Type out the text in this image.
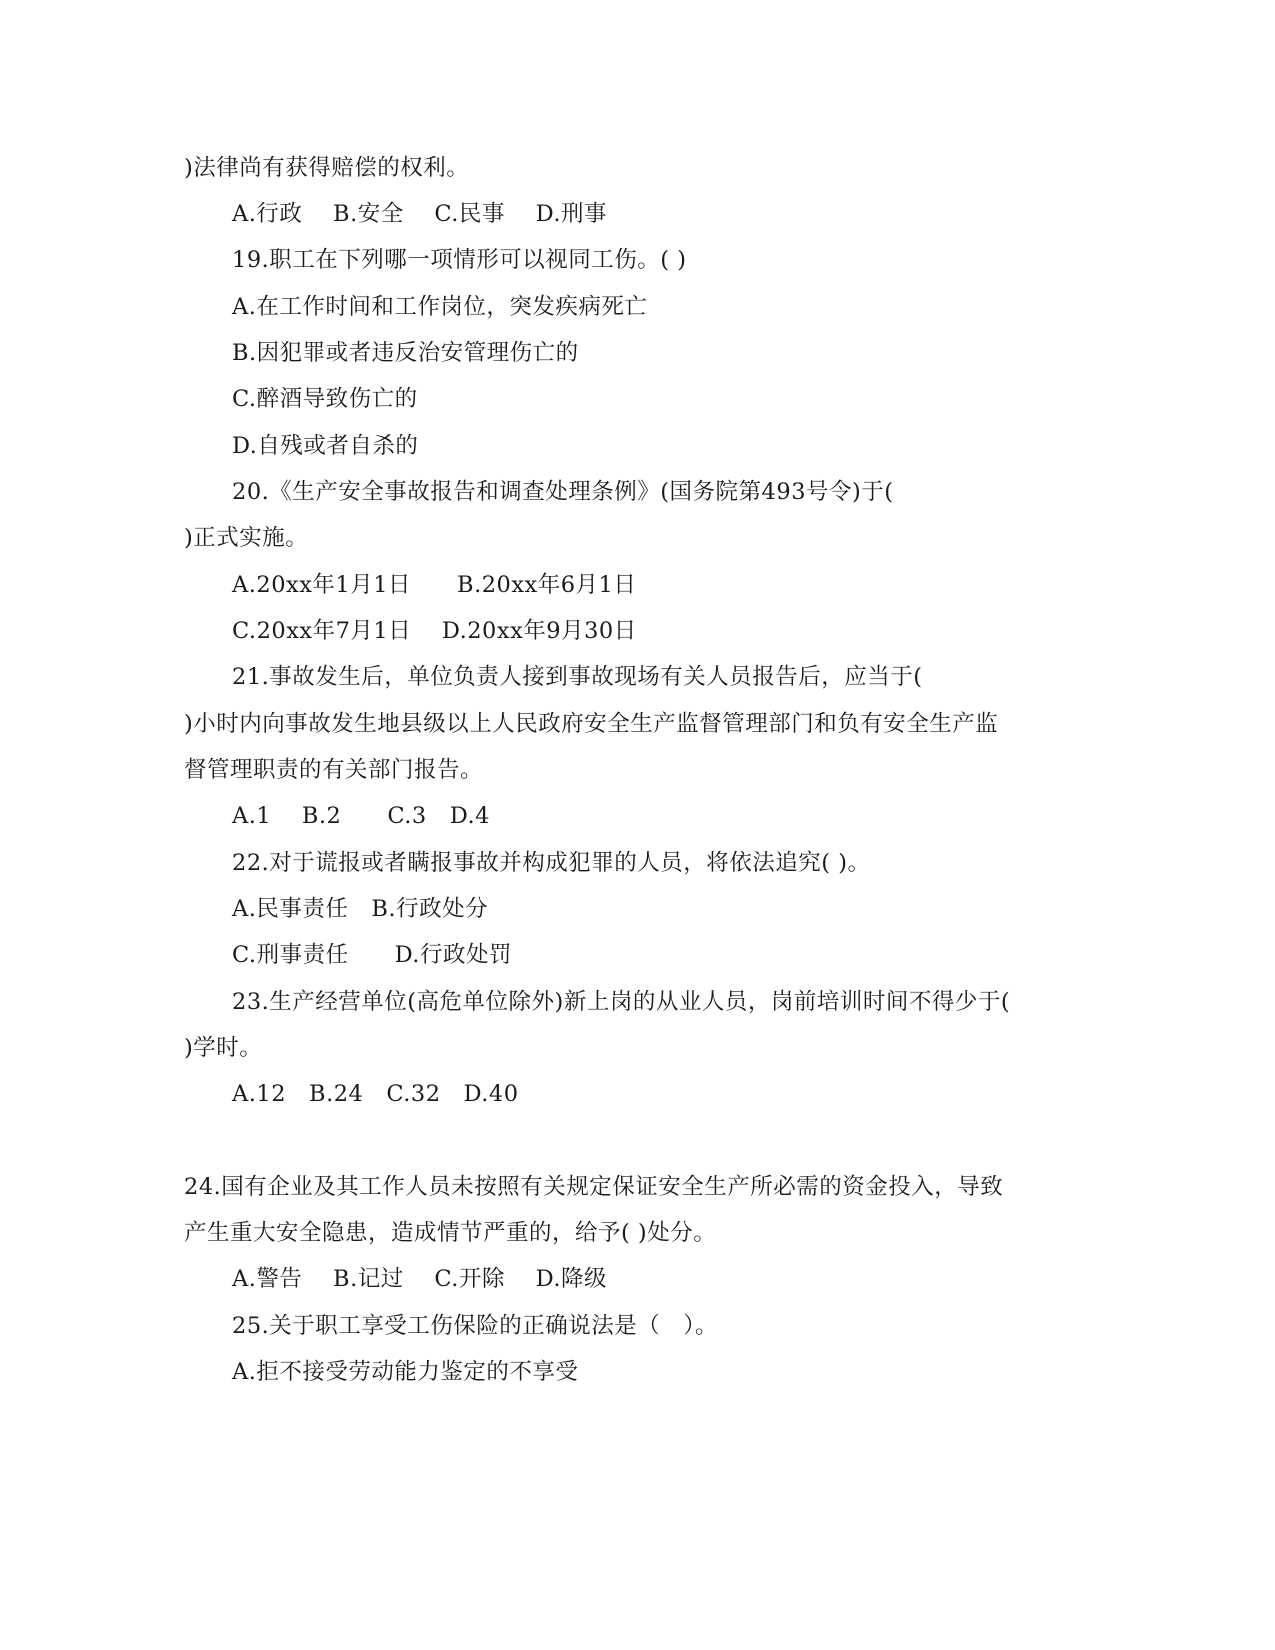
)法律尚有获得赔偿的权利。

A.行政　 B.安全　 C.民事　 D.刑事

19.职工在下列哪一项情形可以视同工伤。( )

A.在工作时间和工作岗位，突发疾病死亡

B.因犯罪或者违反治安管理伤亡的

C.醉酒导致伤亡的

D.自残或者自杀的

20.《生产安全事故报告和调查处理条例》(国务院第493号令)于(

)正式实施。

A.20xx年1月1日　　B.20xx年6月1日

C.20xx年7月1日　 D.20xx年9月30日

21.事故发生后，单位负责人接到事故现场有关人员报告后，应当于(

)小时内向事故发生地县级以上人民政府安全生产监督管理部门和负有安全生产监

督管理职责的有关部门报告。

A.1　 B.2　　C.3　D.4

22.对于谎报或者瞒报事故并构成犯罪的人员，将依法追究( )。

A.民事责任　B.行政处分

C.刑事责任　　D.行政处罚

23.生产经营单位(高危单位除外)新上岗的从业人员，岗前培训时间不得少于(

)学时。

A.12　B.24　C.32　D.40

24.国有企业及其工作人员未按照有关规定保证安全生产所必需的资金投入，导致

产生重大安全隐患，造成情节严重的，给予( )处分。

A.警告　 B.记过　 C.开除　 D.降级

25.关于职工享受工伤保险的正确说法是（　）。

A.拒不接受劳动能力鉴定的不享受
